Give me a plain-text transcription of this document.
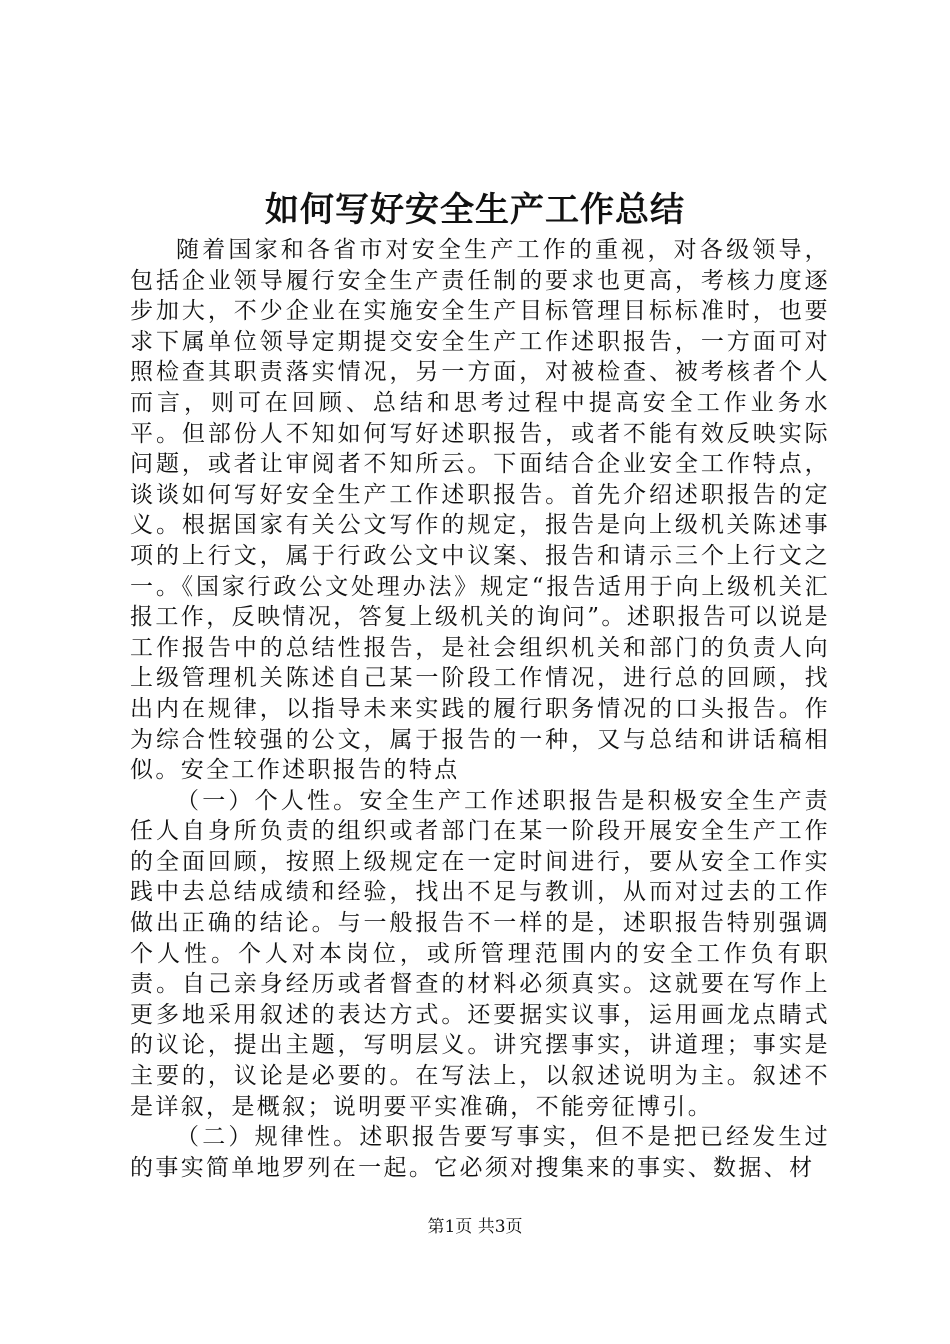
如何写好安全生产工作总结

随着国家和各省市对安全生产工作的重视，对各级领导，包括企业领导履行安全生产责任制的要求也更高，考核力度逐步加大，不少企业在实施安全生产目标管理目标标准时，也要求下属单位领导定期提交安全生产工作述职报告，一方面可对照检查其职责落实情况，另一方面，对被检查、被考核者个人而言，则可在回顾、总结和思考过程中提高安全工作业务水平。但部份人不知如何写好述职报告，或者不能有效反映实际问题，或者让审阅者不知所云。下面结合企业安全工作特点，谈谈如何写好安全生产工作述职报告。首先介绍述职报告的定义。根据国家有关公文写作的规定，报告是向上级机关陈述事项的上行文，属于行政公文中议案、报告和请示三个上行文之一。《国家行政公文处理办法》规定“报告适用于向上级机关汇报工作，反映情况，答复上级机关的询问”。述职报告可以说是工作报告中的总结性报告，是社会组织机关和部门的负责人向上级管理机关陈述自己某一阶段工作情况，进行总的回顾，找出内在规律，以指导未来实践的履行职务情况的口头报告。作为综合性较强的公文，属于报告的一种，又与总结和讲话稿相似。安全工作述职报告的特点

（一）个人性。安全生产工作述职报告是积极安全生产责任人自身所负责的组织或者部门在某一阶段开展安全生产工作的全面回顾，按照上级规定在一定时间进行，要从安全工作实践中去总结成绩和经验，找出不足与教训，从而对过去的工作做出正确的结论。与一般报告不一样的是，述职报告特别强调个人性。个人对本岗位，或所管理范围内的安全工作负有职责。自己亲身经历或者督查的材料必须真实。这就要在写作上更多地采用叙述的表达方式。还要据实议事，运用画龙点睛式的议论，提出主题，写明层义。讲究摆事实，讲道理；事实是主要的，议论是必要的。在写法上，以叙述说明为主。叙述不是详叙，是概叙；说明要平实准确，不能旁征博引。

（二）规律性。述职报告要写事实，但不是把已经发生过的事实简单地罗列在一起。它必须对搜集来的事实、数据、材

第1页 共3页
